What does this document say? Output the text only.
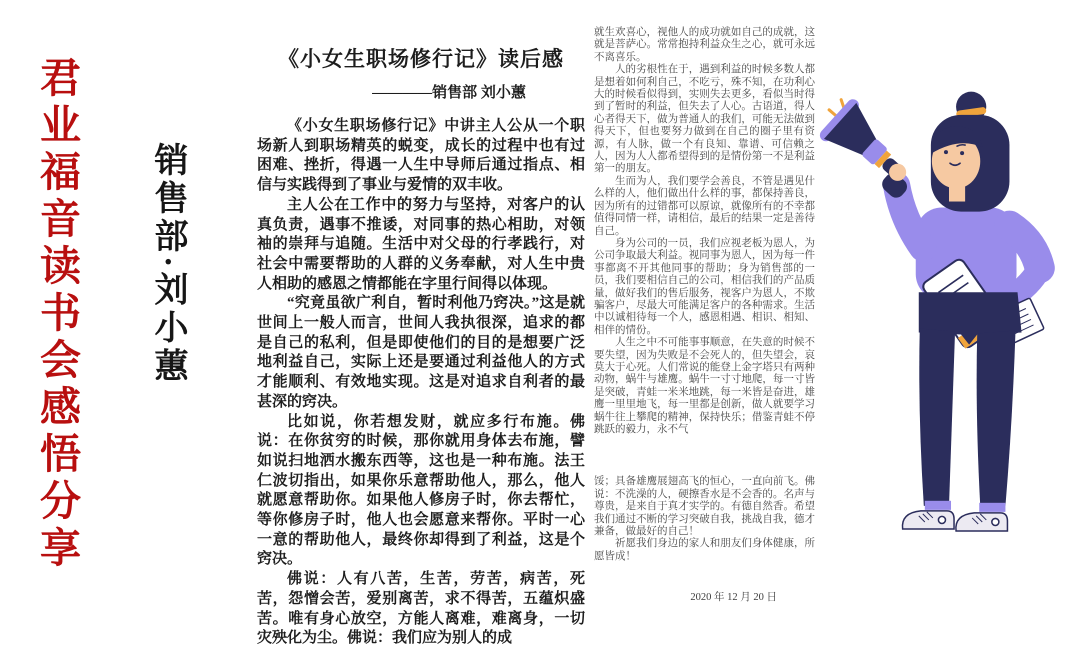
君业福音读书会感悟分享 销售部·刘小蕙
《小女生职场修行记》读后感
————销售部 刘小蕙

《小女生职场修行记》中讲主人公从一个职场新人到职场精英的蜕变，成长的过程中也有过困难、挫折，得遇一人生中导师后通过指点、相信与实践得到了事业与爱情的双丰收。

主人公在工作中的努力与坚持，对客户的认真负责，遇事不推诿，对同事的热心相助，对领袖的崇拜与追随。生活中对父母的行孝践行，对社会中需要帮助的人群的义务奉献，对人生中贵人相助的感恩之情都能在字里行间得以体现。

“究竟虽欲广利自，暂时利他乃窍决。”这是就世间上一般人而言，世间人我执很深，追求的都是自己的私利，但是即使他们的目的是想要广泛地利益自己，实际上还是要通过利益他人的方式才能顺利、有效地实现。这是对追求自利者的最甚深的窍决。

比如说，你若想发财，就应多行布施。佛说：在你贫穷的时候，那你就用身体去布施，譬如说扫地洒水搬东西等，这也是一种布施。法王仁波切指出，如果你乐意帮助他人，那么，他人就愿意帮助你。如果他人修房子时，你去帮忙，等你修房子时，他人也会愿意来帮你。平时一心一意的帮助他人，最终你却得到了利益，这是个窍决。

佛说：人有八苦，生苦，劳苦，病苦，死苦，怨憎会苦，爱别离苦，求不得苦，五蕴炽盛苦。唯有身心放空，方能人离难，难离身，一切灾殃化为尘。佛说：我们应为别人的成

就生欢喜心，视他人的成功就如自己的成就，这就是菩萨心。常常抱持利益众生之心，就可永远不离喜乐。

人的劣根性在于，遇到利益的时候多数人都是想着如何利自己，不吃亏，殊不知，在功利心大的时候看似得到，实则失去更多，看似当时得到了暂时的利益，但失去了人心。古语道，得人心者得天下，做为普通人的我们，可能无法做到得天下，但也要努力做到在自己的圈子里有资源，有人脉，做一个有良知、靠谱、可信赖之人，因为人人都希望得到的是情份第一不是利益第一的朋友。

生而为人，我们要学会善良，不管是遇见什么样的人，他们做出什么样的事，都保持善良，因为所有的过错都可以原谅，就像所有的不幸都值得同情一样，请相信，最后的结果一定是善待自己。

身为公司的一员，我们应视老板为恩人，为公司争取最大利益。视同事为恩人，因为每一件事都离不开其他同事的帮助；身为销售部的一员，我们要相信自己的公司，相信我们的产品质量，做好我们的售后服务，视客户为恩人，不欺骗客户，尽最大可能满足客户的各种需求。生活中以诚相待每一个人，感恩相遇、相识、相知、相伴的情份。

人生之中不可能事事顺意，在失意的时候不要失望，因为失败是不会死人的，但失望会，哀莫大于心死。人们常说的能登上金字塔只有两种动物，蜗牛与雄鹰。蜗牛一寸寸地爬，每一寸皆是突破，青蛙一米米地跳，每一米皆是奋进，雄鹰一里里地飞，每一里都是创新，做人就要学习蜗牛往上攀爬的精神，保持快乐；借鉴青蛙不停跳跃的毅力，永不气

馁；具备雄鹰展翅高飞的恒心，一直向前飞。佛说：不洗澡的人，硬擦香水是不会香的。名声与尊贵，是来自于真才实学的。有德自然香。希望我们通过不断的学习突破自我，挑战自我，德才兼备，做最好的自己！

祈愿我们身边的家人和朋友们身体健康，所愿皆成！

2020 年 12 月 20 日
